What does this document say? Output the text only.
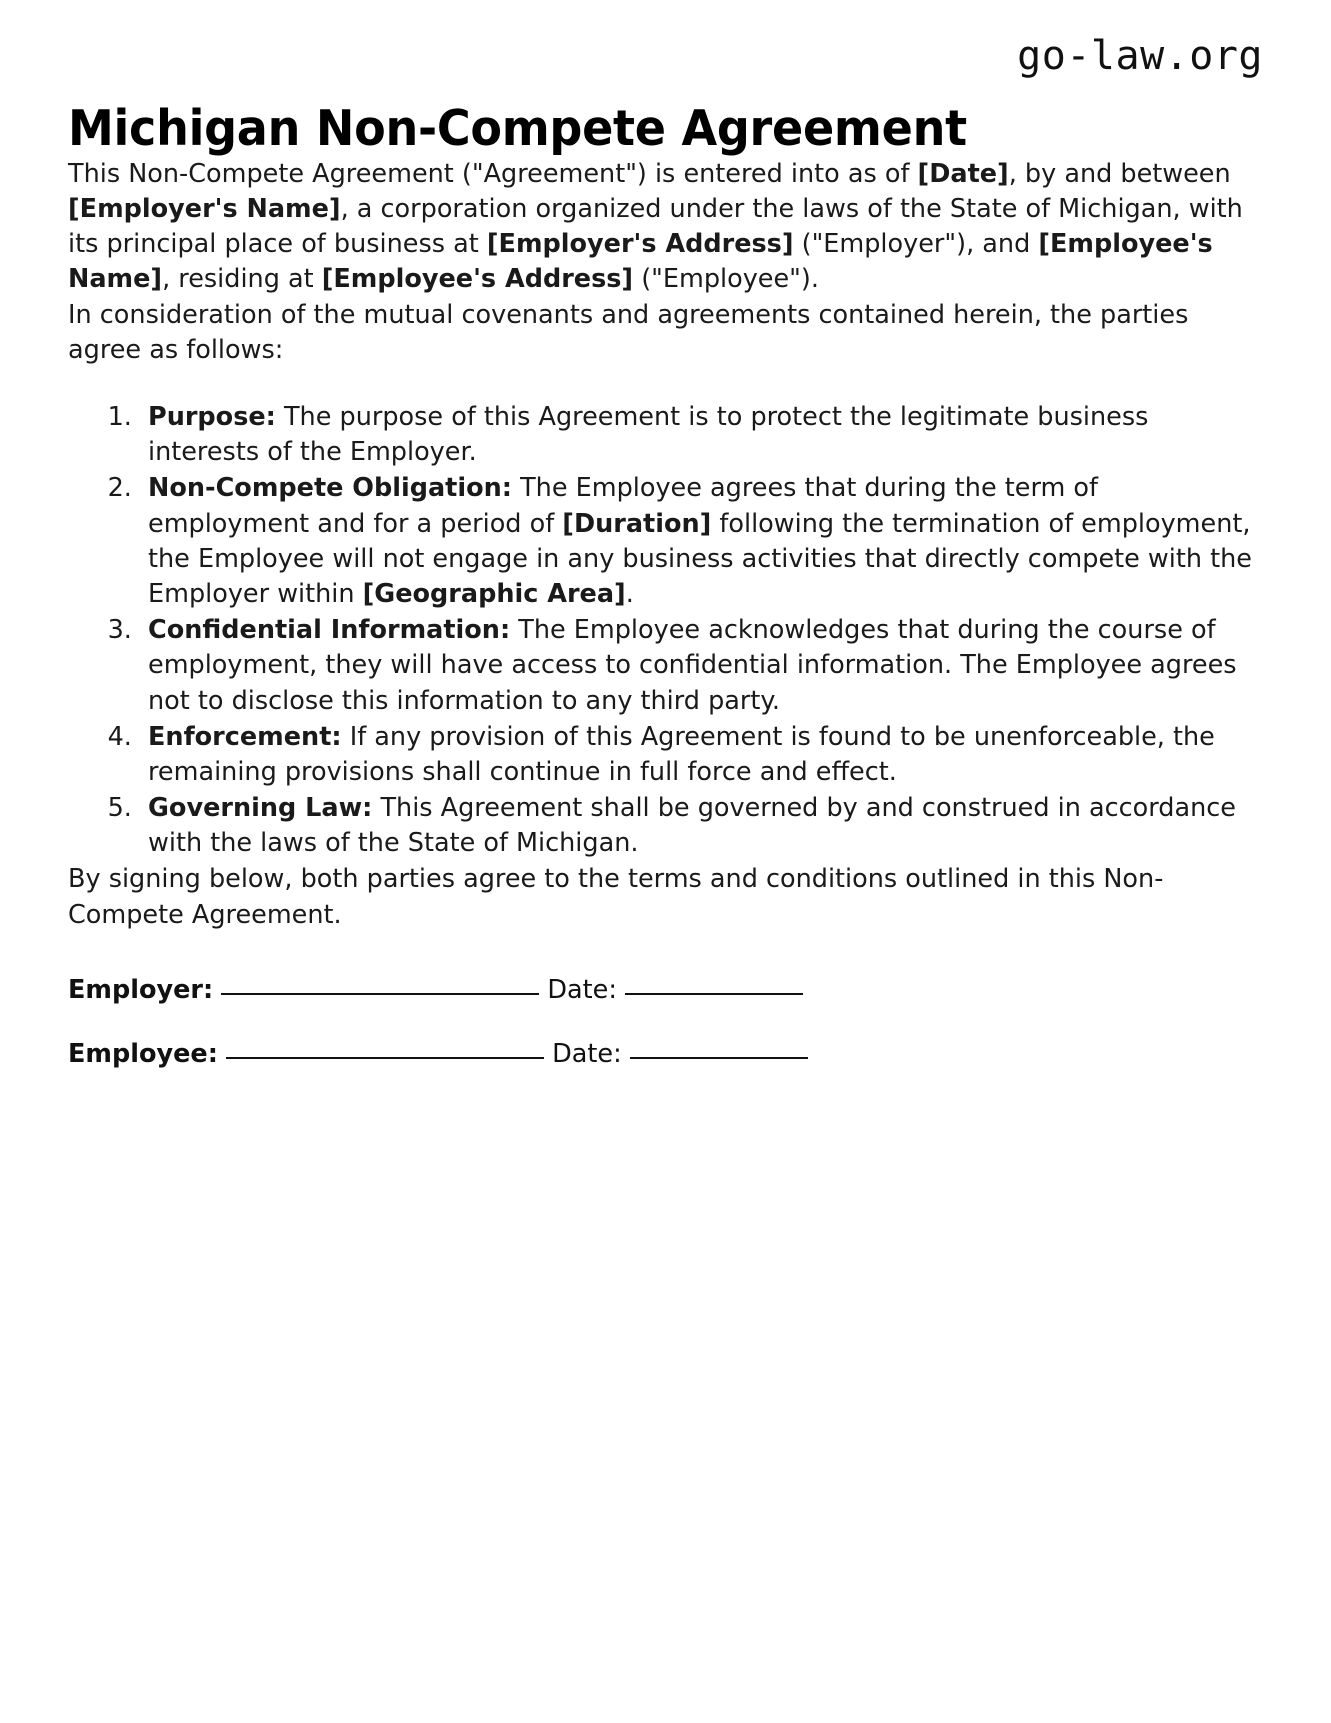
go-law.org
Michigan Non-Compete Agreement

This Non-Compete Agreement ("Agreement") is entered into as of [Date], by and between [Employer's Name], a corporation organized under the laws of the State of Michigan, with its principal place of business at [Employer's Address] ("Employer"), and [Employee's Name], residing at [Employee's Address] ("Employee").

In consideration of the mutual covenants and agreements contained herein, the parties agree as follows:

1. Purpose: The purpose of this Agreement is to protect the legitimate business interests of the Employer.
2. Non-Compete Obligation: The Employee agrees that during the term of employment and for a period of [Duration] following the termination of employment, the Employee will not engage in any business activities that directly compete with the Employer within [Geographic Area].
3. Confidential Information: The Employee acknowledges that during the course of employment, they will have access to confidential information. The Employee agrees not to disclose this information to any third party.
4. Enforcement: If any provision of this Agreement is found to be unenforceable, the remaining provisions shall continue in full force and effect.
5. Governing Law: This Agreement shall be governed by and construed in accordance with the laws of the State of Michigan.

By signing below, both parties agree to the terms and conditions outlined in this Non-Compete Agreement.

Employer:	Date:
Employee:	Date:
